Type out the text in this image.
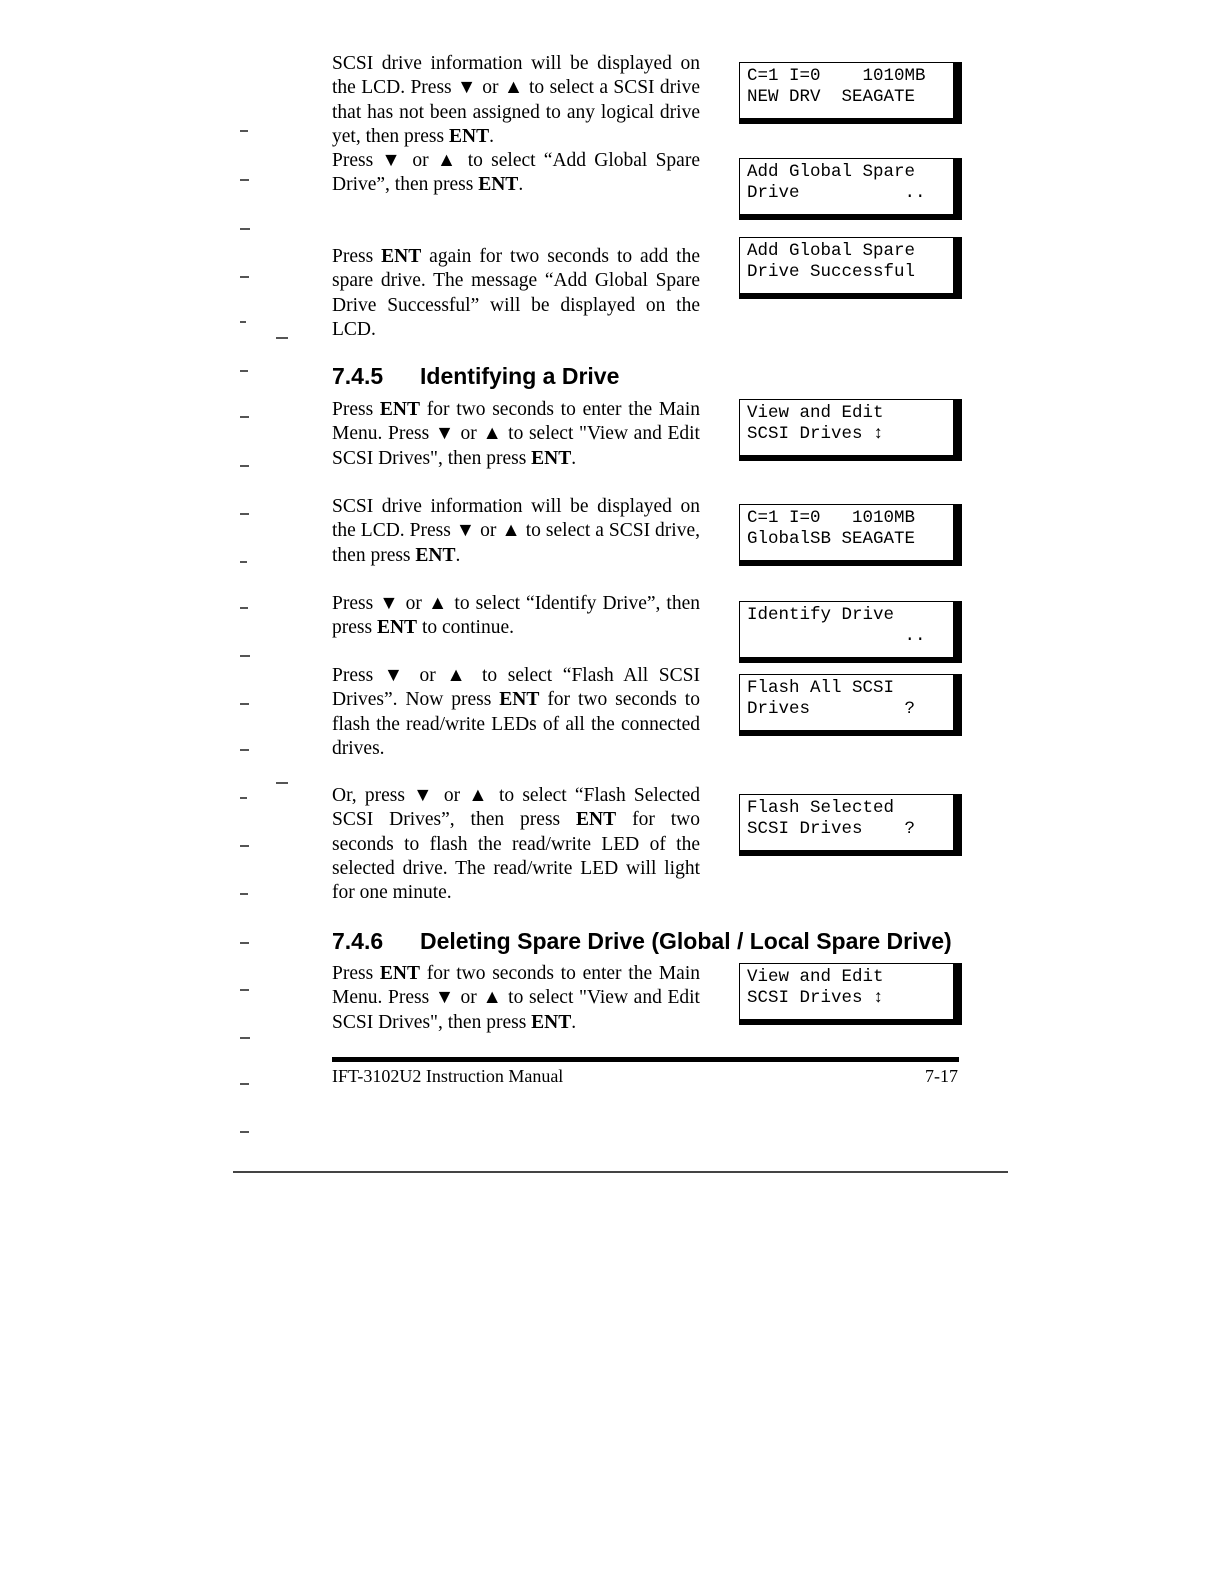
SCSI drive information will be displayed on the LCD. Press ▼ or ▲ to select a SCSI drive that has not been assigned to any logical drive yet, then press ENT.

Press ▼ or ▲ to select “Add Global Spare Drive”, then press ENT.

Press ENT again for two seconds to add the spare drive. The message “Add Global Spare Drive Successful” will be displayed on the LCD.

7.4.5 Identifying a Drive

Press ENT for two seconds to enter the Main Menu. Press ▼ or ▲ to select "View and Edit SCSI Drives", then press ENT.

SCSI drive information will be displayed on the LCD. Press ▼ or ▲ to select a SCSI drive, then press ENT.

Press ▼ or ▲ to select “Identify Drive”, then press ENT to continue.

Press ▼ or ▲ to select “Flash All SCSI Drives”. Now press ENT for two seconds to flash the read/write LEDs of all the connected drives.

Or, press ▼ or ▲ to select “Flash Selected SCSI Drives”, then press ENT for two seconds to flash the read/write LED of the selected drive. The read/write LED will light for one minute.

7.4.6 Deleting Spare Drive (Global / Local Spare Drive)

Press ENT for two seconds to enter the Main Menu. Press ▼ or ▲ to select "View and Edit SCSI Drives", then press ENT.

C=1 I=0    1010MB
NEW DRV  SEAGATE
Add Global Spare
Drive          ..
Add Global Spare
Drive Successful
View and Edit
SCSI Drives ↕
C=1 I=0   1010MB
GlobalSB SEAGATE
Identify Drive
..
Flash All SCSI
Drives         ?
Flash Selected
SCSI Drives    ?
View and Edit
SCSI Drives ↕
IFT-3102U2 Instruction Manual	7-17
